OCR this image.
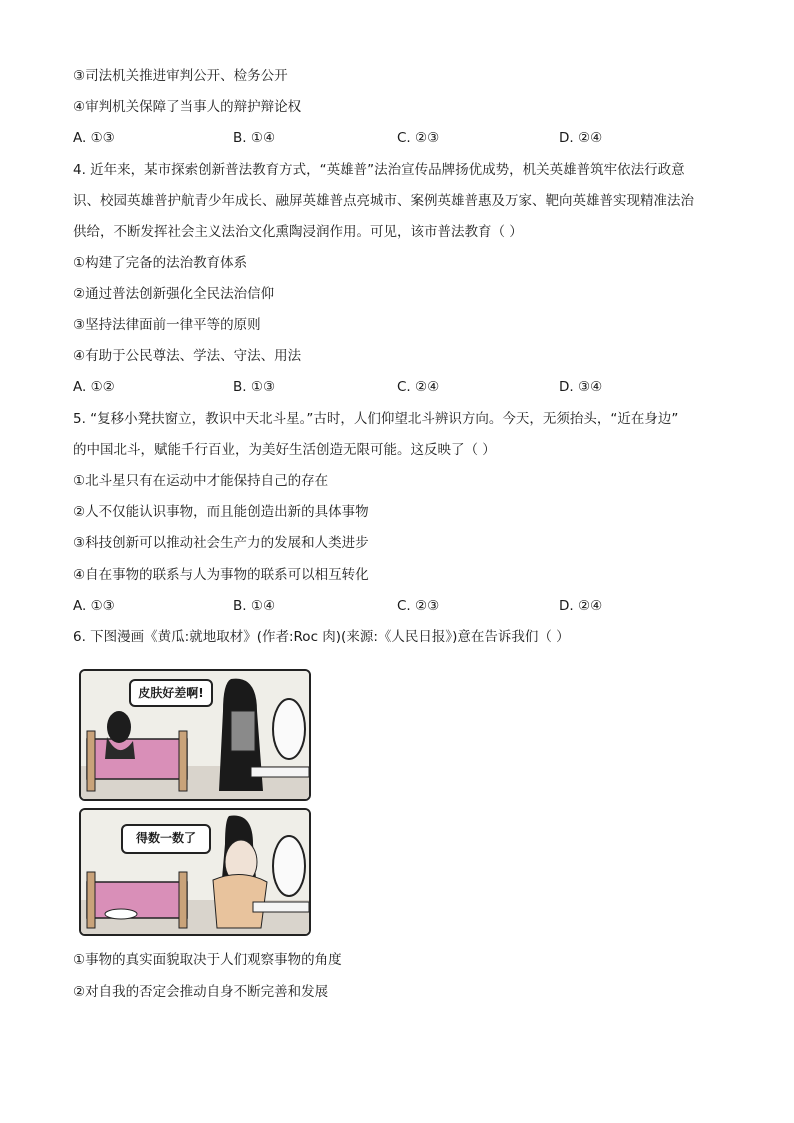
③司法机关推进审判公开、检务公开
④审判机关保障了当事人的辩护辩论权
A. ①③	B. ①④	C. ②③	D. ②④
4. 近年来，某市探索创新普法教育方式，“英雄普”法治宣传品牌扬优成势，机关英雄普筑牢依法行政意
识、校园英雄普护航青少年成长、融屏英雄普点亮城市、案例英雄普惠及万家、靶向英雄普实现精准法治
供给，不断发挥社会主义法治文化熏陶浸润作用。可见，该市普法教育（ ）
①构建了完备的法治教育体系
②通过普法创新强化全民法治信仰
③坚持法律面前一律平等的原则
④有助于公民尊法、学法、守法、用法
A. ①②	B. ①③	C. ②④	D. ③④
5. “复移小凳扶窗立，教识中天北斗星。”古时，人们仰望北斗辨识方向。今天，无须抬头，“近在身边”
的中国北斗，赋能千行百业，为美好生活创造无限可能。这反映了（ ）
①北斗星只有在运动中才能保持自己的存在
②人不仅能认识事物，而且能创造出新的具体事物
③科技创新可以推动社会生产力的发展和人类进步
④自在事物的联系与人为事物的联系可以相互转化
A. ①③	B. ①④	C. ②③	D. ②④
6. 下图漫画《黄瓜:就地取材》(作者:Roc 肉)(来源:《人民日报》)意在告诉我们（ ）
皮肤好差啊!
得数一数了
①事物的真实面貌取决于人们观察事物的角度
②对自我的否定会推动自身不断完善和发展
